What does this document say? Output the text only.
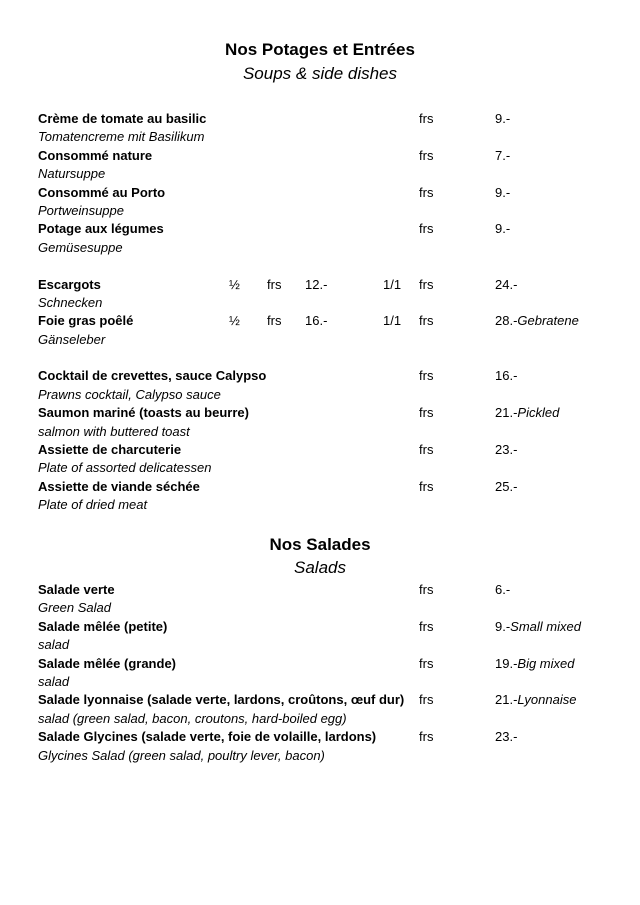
Nos Potages et Entrées
Soups & side dishes
Crème de tomate au basilic	frs	9.-
Tomatencreme mit Basilikum
Consommé nature	frs	7.-
Natursuppe
Consommé au Porto	frs	9.-
Portweinsuppe
Potage aux légumes	frs	9.-
Gemüsesuppe
Escargots	½ frs 12.-	1/1 frs	24.-
Schnecken
Foie gras poêlé	½ frs 16.-	1/1 frs	28.-Gebratene
Gänseleber
Cocktail de crevettes, sauce Calypso	frs	16.-
Prawns cocktail, Calypso sauce
Saumon mariné (toasts au beurre)	frs	21.-Pickled
salmon with buttered toast
Assiette de charcuterie	frs	23.-
Plate of assorted delicatessen
Assiette de viande séchée	frs	25.-
Plate of dried meat
Nos Salades
Salads
Salade verte	frs	6.-
Green Salad
Salade mêlée (petite)	frs	9.-Small mixed
salad
Salade mêlée (grande)	frs	19.-Big mixed
salad
Salade lyonnaise (salade verte, lardons, croûtons, œuf dur) frs	21.-Lyonnaise
salad (green salad, bacon, croutons, hard-boiled egg)
Salade Glycines (salade verte, foie de volaille, lardons)	frs	23.-
Glycines Salad (green salad, poultry lever, bacon)
